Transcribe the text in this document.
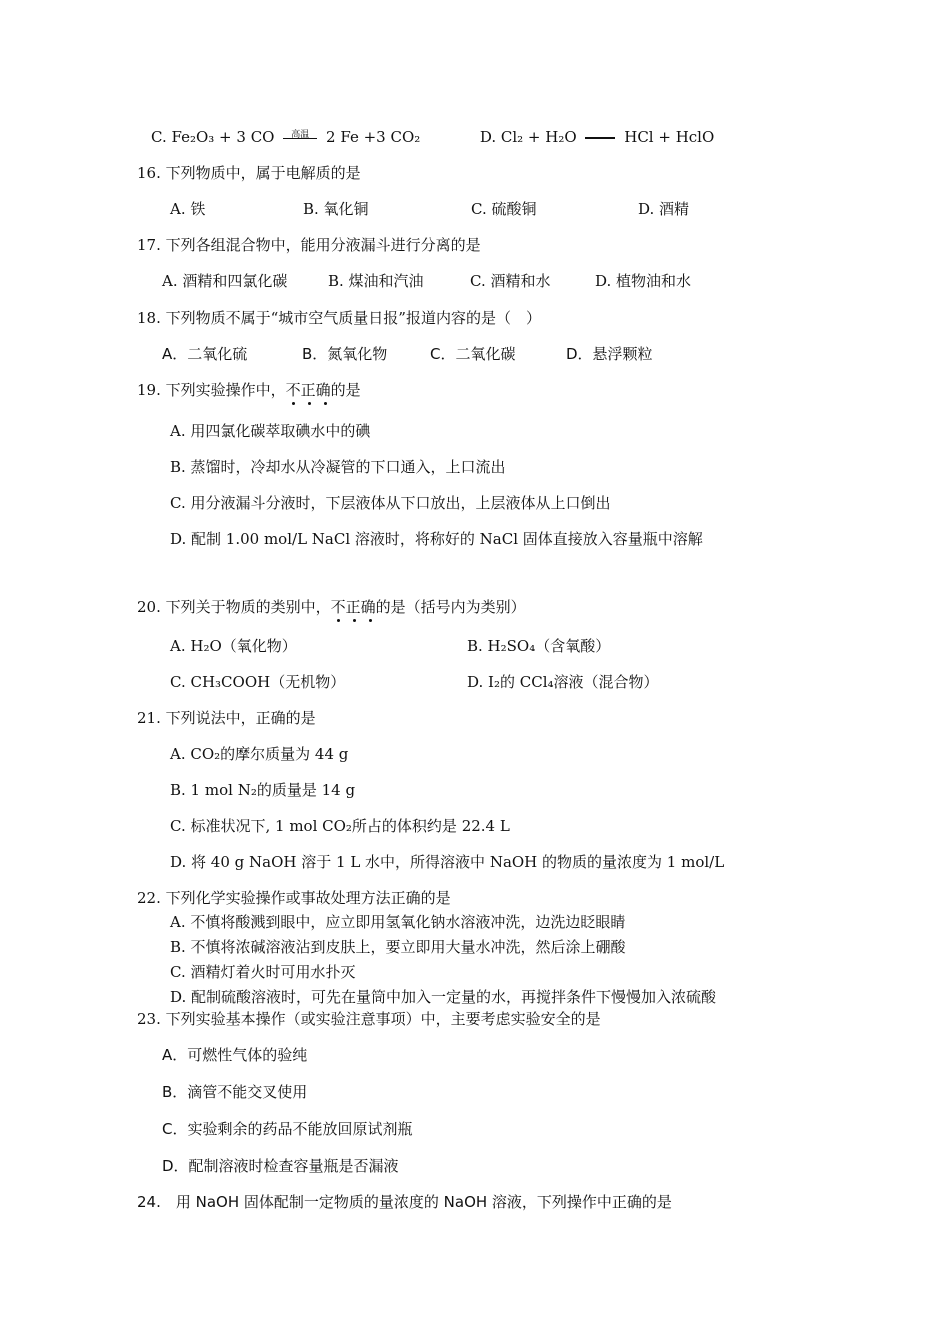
C. Fe₂O₃ + 3 CO	高温	2 Fe +3 CO₂	D. Cl₂ + H₂O	HCl + HclO
16. 下列物质中，属于电解质的是
A. 铁	B. 氧化铜	C. 硫酸铜	D. 酒精
17. 下列各组混合物中，能用分液漏斗进行分离的是
A. 酒精和四氯化碳	B. 煤油和汽油	C. 酒精和水	D. 植物油和水
18. 下列物质不属于“城市空气质量日报”报道内容的是（　）
A．二氧化硫	B．氮氧化物	C．二氧化碳	D．悬浮颗粒
19. 下列实验操作中，不正确
的是
A. 用四氯化碳萃取碘水中的碘
B. 蒸馏时，冷却水从冷凝管的下口通入，上口流出
C. 用分液漏斗分液时，下层液体从下口放出，上层液体从上口倒出
D. 配制 1.00 mol/L NaCl 溶液时，将称好的 NaCl 固体直接放入容量瓶中溶解
20. 下列关于物质的类别中，不正确
的是（括号内为类别）
A. H₂O（氧化物）	B. H₂SO₄（含氧酸）
C. CH₃COOH（无机物）	D. I₂的 CCl₄溶液（混合物）
21. 下列说法中，正确的是
A. CO₂的摩尔质量为 44 g
B. 1 mol N₂的质量是 14 g
C. 标准状况下, 1 mol CO₂所占的体积约是 22.4 L
D. 将 40 g NaOH 溶于 1 L 水中，所得溶液中 NaOH 的物质的量浓度为 1 mol/L
22. 下列化学实验操作或事故处理方法正确的是
A. 不慎将酸溅到眼中，应立即用氢氧化钠水溶液冲洗，边洗边眨眼睛
B. 不慎将浓碱溶液沾到皮肤上，要立即用大量水冲洗，然后涂上硼酸
C. 酒精灯着火时可用水扑灭
D. 配制硫酸溶液时，可先在量筒中加入一定量的水，再搅拌条件下慢慢加入浓硫酸
23. 下列实验基本操作（或实验注意事项）中，主要考虑实验安全的是
A．可燃性气体的验纯
B．滴管不能交叉使用
C．实验剩余的药品不能放回原试剂瓶
D．配制溶液时检查容量瓶是否漏液
24.　用 NaOH 固体配制一定物质的量浓度的 NaOH 溶液，下列操作中正确的是
